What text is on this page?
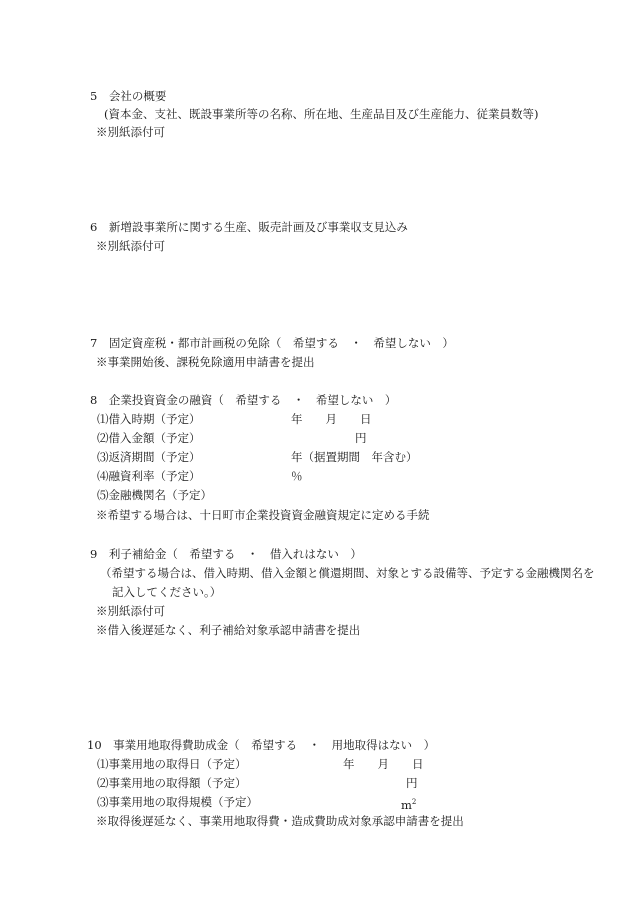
5　会社の概要
(資本金、支社、既設事業所等の名称、所在地、生産品目及び生産能力、従業員数等)
※別紙添付可
6　新増設事業所に関する生産、販売計画及び事業収支見込み
※別紙添付可
7　固定資産税・都市計画税の免除（　希望する　・　希望しない　）
※事業開始後、課税免除適用申請書を提出
8　企業投資資金の融資（　希望する　・　希望しない　）
⑴借入時期（予定）	年　　月　　日
⑵借入金額（予定）	円
⑶返済期間（予定）	年（据置期間　年含む）
⑷融資利率（予定）	％
⑸金融機関名（予定）
※希望する場合は、十日町市企業投資資金融資規定に定める手続
9　利子補給金（　希望する　・　借入れはない　）
（希望する場合は、借入時期、借入金額と償還期間、対象とする設備等、予定する金融機関名を
記入してください。）
※別紙添付可
※借入後遅延なく、利子補給対象承認申請書を提出
10　事業用地取得費助成金（　希望する　・　用地取得はない　）
⑴事業用地の取得日（予定）	年　　月　　日
⑵事業用地の取得額（予定）	円
⑶事業用地の取得規模（予定）	$m^2$
※取得後遅延なく、事業用地取得費・造成費助成対象承認申請書を提出
